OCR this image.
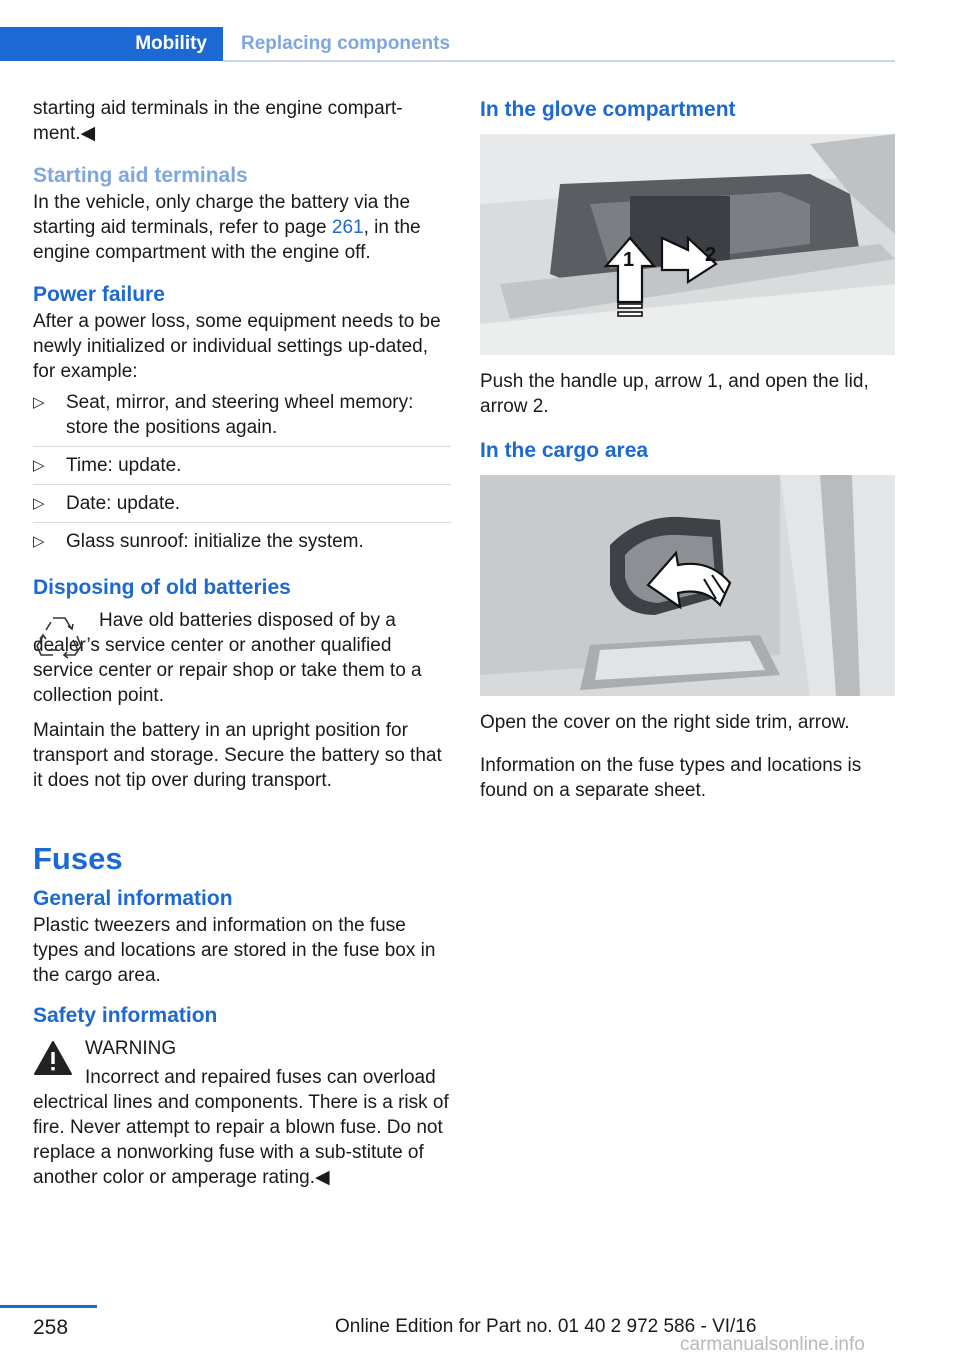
Mobility	Replacing components

starting aid terminals in the engine compart‐ment.◀

Starting aid terminals

In the vehicle, only charge the battery via the starting aid terminals, refer to page 261, in the engine compartment with the engine off.

Power failure

After a power loss, some equipment needs to be newly initialized or individual settings up‐dated, for example:

▷ Seat, mirror, and steering wheel memory: store the positions again.
▷ Time: update.
▷ Date: update.
▷ Glass sunroof: initialize the system.
Disposing of old batteries

Have old batteries disposed of by a dealer’s service center or another qualified service center or repair shop or take them to a collection point.

Maintain the battery in an upright position for transport and storage. Secure the battery so that it does not tip over during transport.

Fuses
General information

Plastic tweezers and information on the fuse types and locations are stored in the fuse box in the cargo area.

Safety information
WARNING

Incorrect and repaired fuses can overload electrical lines and components. There is a risk of fire. Never attempt to repair a blown fuse. Do not replace a nonworking fuse with a sub‐stitute of another color or amperage rating.◀

In the glove compartment
1	2

Push the handle up, arrow 1, and open the lid, arrow 2.

In the cargo area

Open the cover on the right side trim, arrow.

Information on the fuse types and locations is found on a separate sheet.

258	Online Edition for Part no. 01 40 2 972 586 - VI/16
carmanualsonline.info
